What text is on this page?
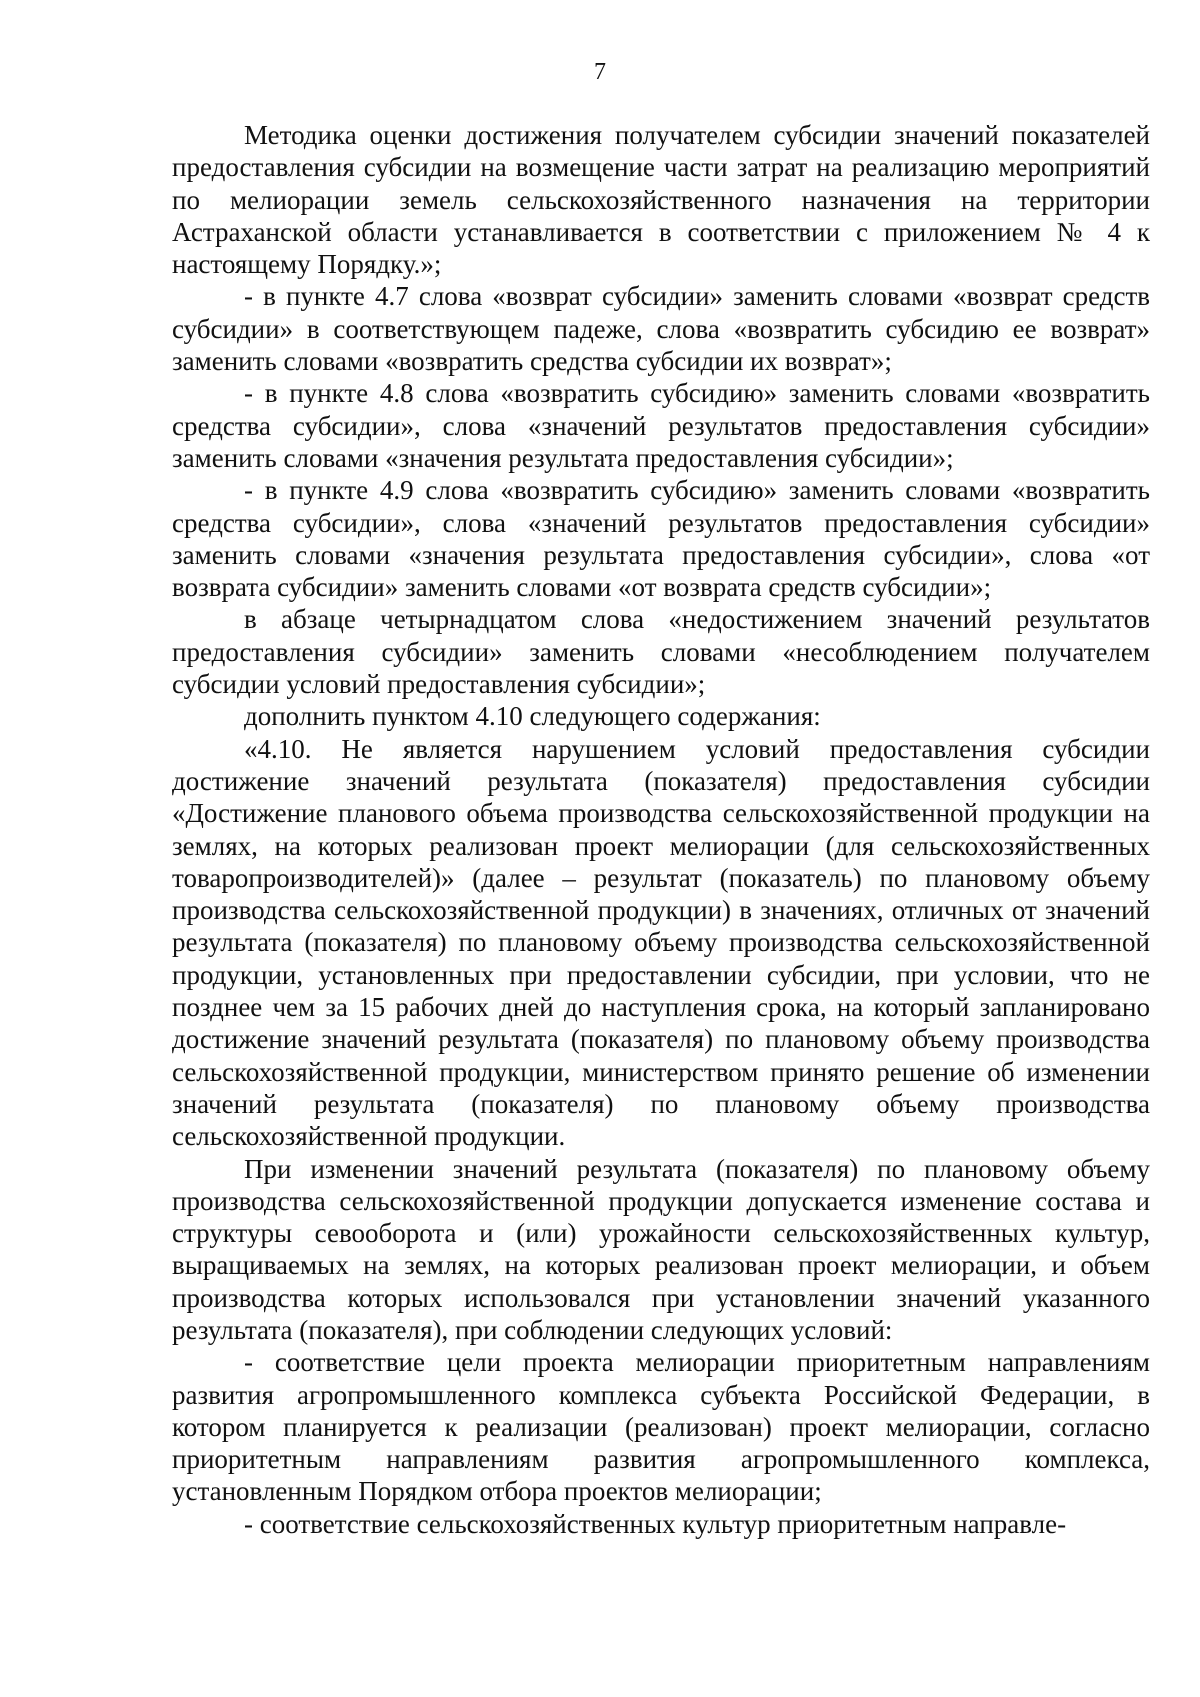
7

Методика оценки достижения получателем субсидии значений показателей предоставления субсидии на возмещение части затрат на реализацию мероприятий по мелиорации земель сельскохозяйственного назначения на территории Астраханской области устанавливается в соответствии с приложением № 4 к настоящему Порядку.»;

- в пункте 4.7 слова «возврат субсидии» заменить словами «возврат средств субсидии» в соответствующем падеже, слова «возвратить субсидию ее возврат» заменить словами «возвратить средства субсидии их возврат»;

- в пункте 4.8 слова «возвратить субсидию» заменить словами «возвратить средства субсидии», слова «значений результатов предоставления субсидии» заменить словами «значения результата предоставления субсидии»;

- в пункте 4.9 слова «возвратить субсидию» заменить словами «возвратить средства субсидии», слова «значений результатов предоставления субсидии» заменить словами «значения результата предоставления субсидии», слова «от возврата субсидии» заменить словами «от возврата средств субсидии»;

в абзаце четырнадцатом слова «недостижением значений результатов предоставления субсидии» заменить словами «несоблюдением получателем субсидии условий предоставления субсидии»;

дополнить пунктом 4.10 следующего содержания:

«4.10. Не является нарушением условий предоставления субсидии достижение значений результата (показателя) предоставления субсидии «Достижение планового объема производства сельскохозяйственной продукции на землях, на которых реализован проект мелиорации (для сельскохозяйственных товаропроизводителей)» (далее – результат (показатель) по плановому объему производства сельскохозяйственной продукции) в значениях, отличных от значений результата (показателя) по плановому объему производства сельскохозяйственной продукции, установленных при предоставлении субсидии, при условии, что не позднее чем за 15 рабочих дней до наступления срока, на который запланировано достижение значений результата (показателя) по плановому объему производства сельскохозяйственной продукции, министерством принято решение об изменении значений результата (показателя) по плановому объему производства сельскохозяйственной продукции.

При изменении значений результата (показателя) по плановому объему производства сельскохозяйственной продукции допускается изменение состава и структуры севооборота и (или) урожайности сельскохозяйственных культур, выращиваемых на землях, на которых реализован проект мелиорации, и объем производства которых использовался при установлении значений указанного результата (показателя), при соблюдении следующих условий:

- соответствие цели проекта мелиорации приоритетным направлениям развития агропромышленного комплекса субъекта Российской Федерации, в котором планируется к реализации (реализован) проект мелиорации, согласно приоритетным направлениям развития агропромышленного комплекса, установленным Порядком отбора проектов мелиорации;

- соответствие сельскохозяйственных культур приоритетным направле-
